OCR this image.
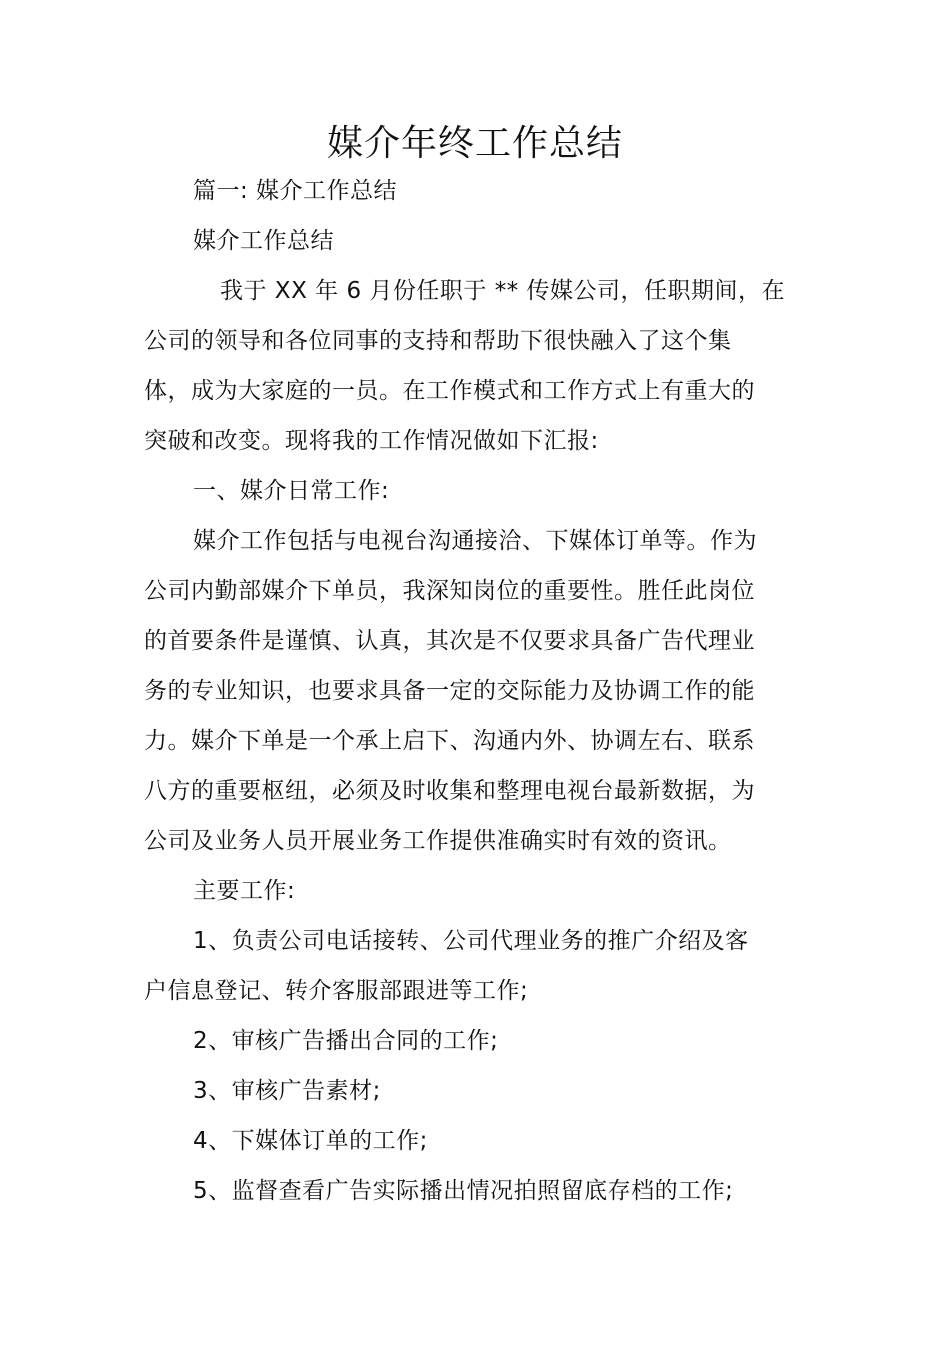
媒介年终工作总结
篇一: 媒介工作总结
媒介工作总结
我于 XX 年 6 月份任职于 ** 传媒公司，任职期间，在
公司的领导和各位同事的支持和帮助下很快融入了这个集
体，成为大家庭的一员。在工作模式和工作方式上有重大的
突破和改变。现将我的工作情况做如下汇报:
一、媒介日常工作:
媒介工作包括与电视台沟通接洽、下媒体订单等。作为
公司内勤部媒介下单员，我深知岗位的重要性。胜任此岗位
的首要条件是谨慎、认真，其次是不仅要求具备广告代理业
务的专业知识，也要求具备一定的交际能力及协调工作的能
力。媒介下单是一个承上启下、沟通内外、协调左右、联系
八方的重要枢纽，必须及时收集和整理电视台最新数据，为
公司及业务人员开展业务工作提供准确实时有效的资讯。
主要工作:
1、负责公司电话接转、公司代理业务的推广介绍及客
户信息登记、转介客服部跟进等工作;
2、审核广告播出合同的工作;
3、审核广告素材;
4、下媒体订单的工作;
5、监督查看广告实际播出情况拍照留底存档的工作;
